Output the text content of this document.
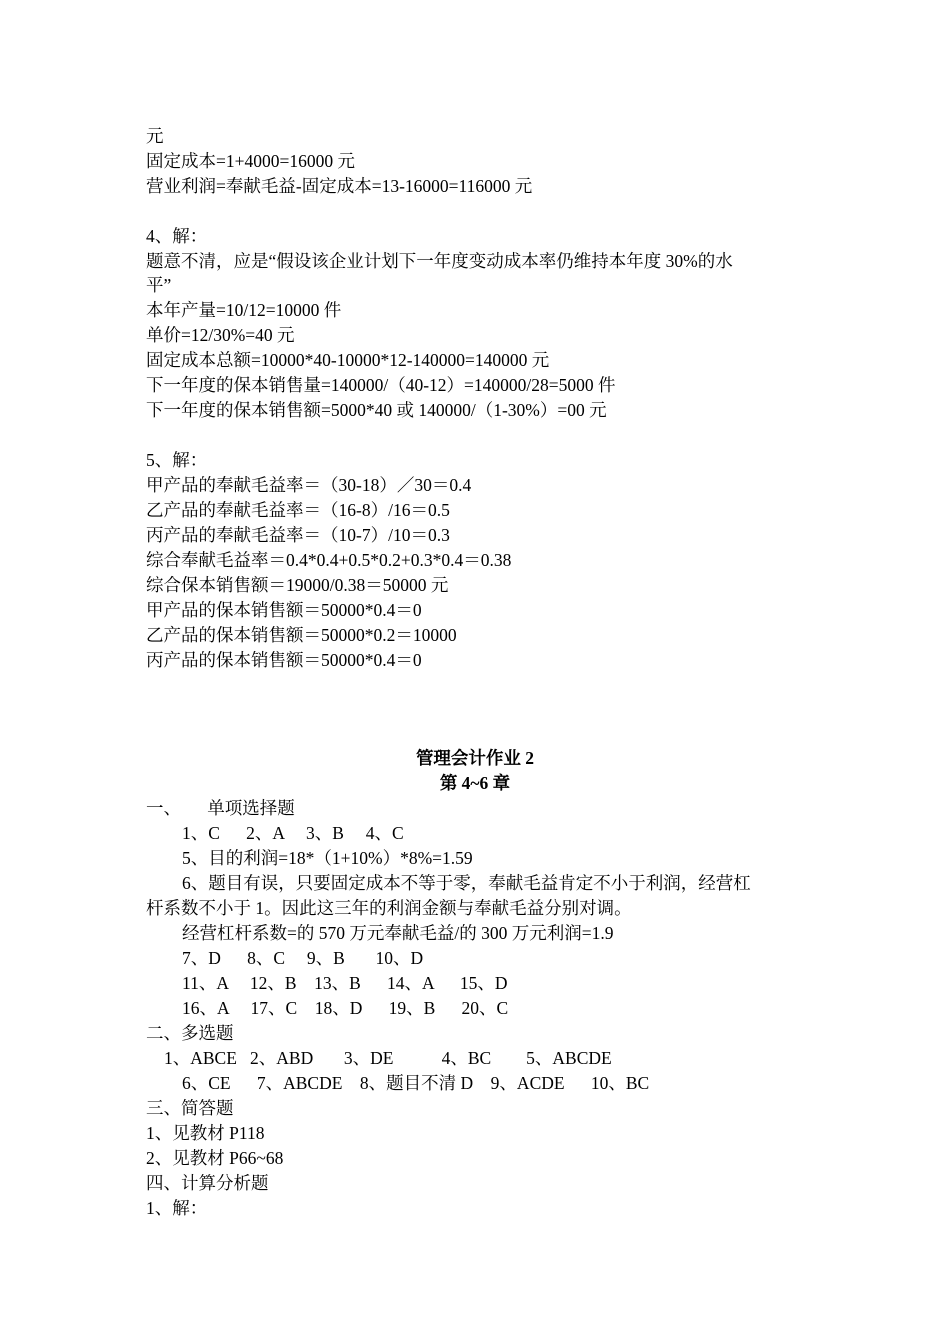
元
固定成本=1+4000=16000 元
营业利润=奉献毛益-固定成本=13-16000=116000 元
4、解：
题意不清，应是“假设该企业计划下一年度变动成本率仍维持本年度 30%的水
平”
本年产量=10/12=10000 件
单价=12/30%=40 元
固定成本总额=10000*40-10000*12-140000=140000 元
下一年度的保本销售量=140000/（40-12）=140000/28=5000 件
下一年度的保本销售额=5000*40 或 140000/（1-30%）=00 元
5、解：
甲产品的奉献毛益率＝（30-18）／30＝0.4
乙产品的奉献毛益率＝（16-8）/16＝0.5
丙产品的奉献毛益率＝（10-7）/10＝0.3
综合奉献毛益率＝0.4*0.4+0.5*0.2+0.3*0.4＝0.38
综合保本销售额＝19000/0.38＝50000 元
甲产品的保本销售额＝50000*0.4＝0
乙产品的保本销售额＝50000*0.2＝10000
丙产品的保本销售额＝50000*0.4＝0
管理会计作业 2
第 4~6 章
一、      单项选择题
1、C      2、A     3、B     4、C
5、目的利润=18*（1+10%）*8%=1.59
6、题目有误，只要固定成本不等于零，奉献毛益肯定不小于利润，经营杠
杆系数不小于 1。因此这三年的利润金额与奉献毛益分别对调。
经营杠杆系数=的 570 万元奉献毛益/的 300 万元利润=1.9
7、D      8、C     9、B       10、D
11、A     12、B    13、B      14、A      15、D
16、A     17、C    18、D      19、B      20、C
二、多选题
1、ABCE   2、ABD       3、DE           4、BC        5、ABCDE
6、CE      7、ABCDE    8、题目不清 D    9、ACDE      10、BC
三、简答题
1、见教材 P118
2、见教材 P66~68
四、计算分析题
1、解：
